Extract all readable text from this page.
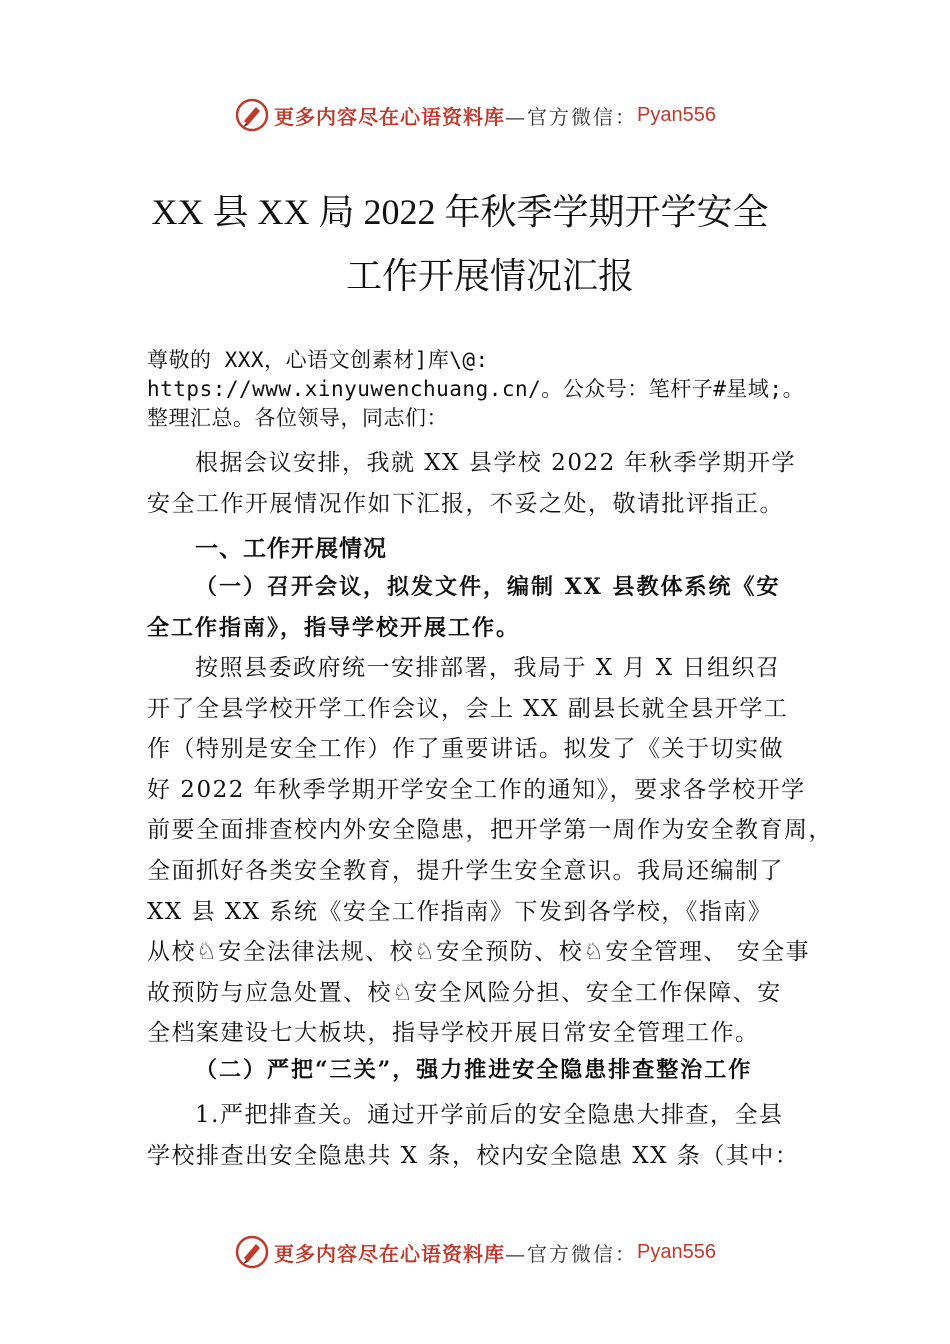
更多内容尽在心语资料库 —官方微信： Pyan556
XX 县 XX 局 2022 年秋季学期开学安全
工作开展情况汇报
尊敬的 XXX，心语文创素材]库\@:
https://www.xinyuwenchuang.cn/。公众号：笔杆子#星域;。
整理汇总。各位领导，同志们：
根据会议安排，我就 XX 县学校 2022 年秋季学期开学
安全工作开展情况作如下汇报，不妥之处，敬请批评指正。
一、工作开展情况
（一）召开会议，拟发文件，编制 XX 县教体系统《安
全工作指南》，指导学校开展工作。
按照县委政府统一安排部署，我局于 X 月 X 日组织召
开了全县学校开学工作会议，会上 XX 副县长就全县开学工
作（特别是安全工作）作了重要讲话。拟发了《关于切实做
好 2022 年秋季学期开学安全工作的通知》，要求各学校开学
前要全面排查校内外安全隐患，把开学第一周作为安全教育周，
全面抓好各类安全教育，提升学生安全意识。我局还编制了
XX 县 XX 系统《安全工作指南》下发到各学校，《指南》
从校♘安全法律法规、校♘安全预防、校♘安全管理、 安全事
故预防与应急处置、校♘安全风险分担、安全工作保障、安
全档案建设七大板块，指导学校开展日常安全管理工作。
（二）严把“三关”，强力推进安全隐患排查整治工作
1.严把排查关。通过开学前后的安全隐患大排查，全县
学校排查出安全隐患共 X 条，校内安全隐患 XX 条（其中：
更多内容尽在心语资料库 —官方微信： Pyan556
